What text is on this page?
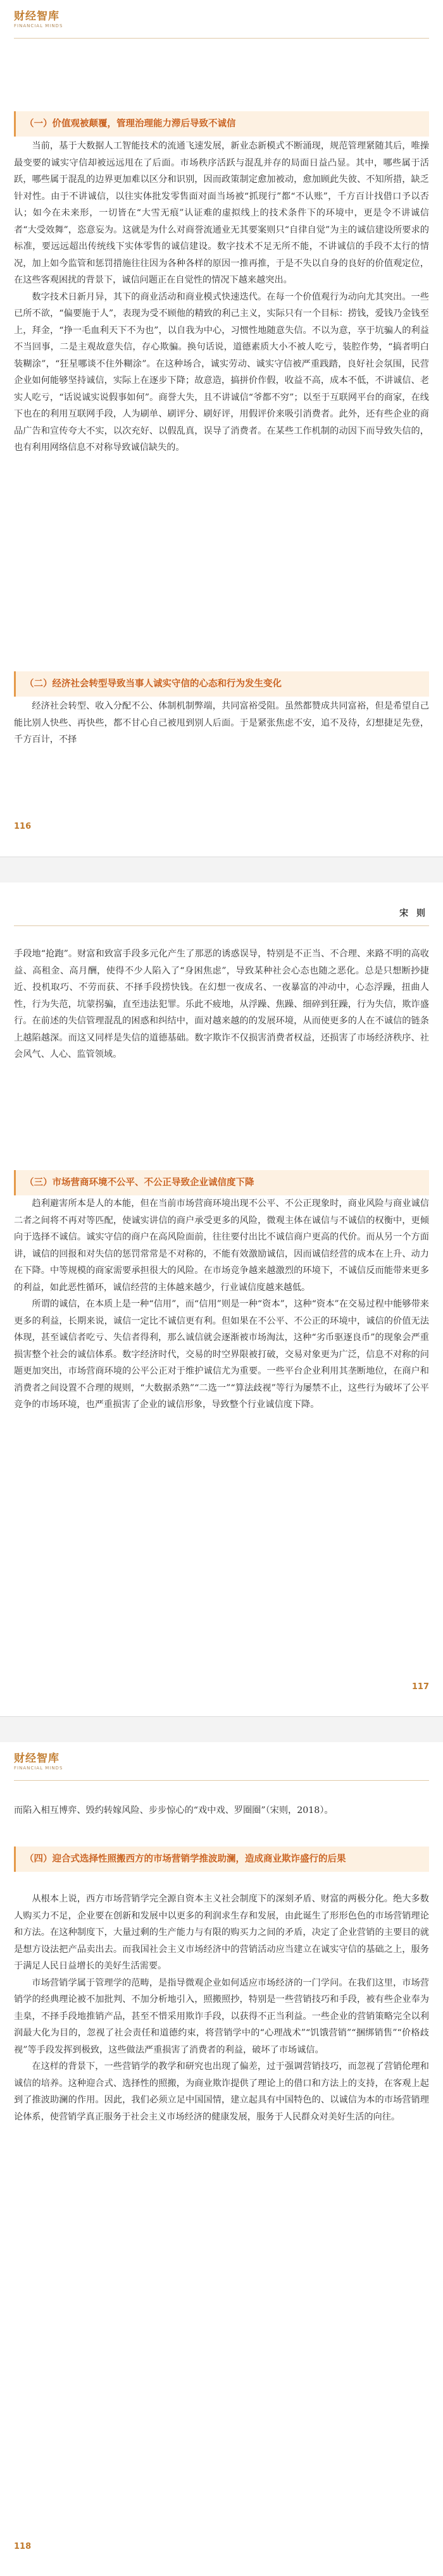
财经智库
FINANCIAL MINDS
（一）价值观被颠覆，管理治理能力滞后导致不诚信

当前，基于大数据人工智能技术的流通飞速发展，新业态新模式不断涌现，规范管理紧随其后，唯操最变要的诚实守信却被远远甩在了后面。市场秩序活跃与混乱并存的局面日益凸显。其中，哪些属于活跃，哪些属于混乱的边界更加难以区分和识别，因而政策制定愈加被动，愈加顾此失彼、不知所措，缺乏针对性。由于不讲诚信，以往实体批发零售面对面当场被“抓现行”都“不认账”，千方百计找借口予以否认；如今在未来形，一切皆在“大雪无痕”认证难的虚拟线上的技术条件下的环境中，更是令不讲诚信者“大受效舞”，恣意妄为。这就是为什么对商誉流通业无其要案则只“自律自觉”为主的诚信建设所要求的标准，要远远超出传统线下实体零售的诚信建设。数字技术不足无所不能，不讲诚信的手段不太行的情况，加上如今监管和惩罚措施往往因为各种各样的原因一推再推，于是不失以自身的良好的价值观定位，在这些客观困扰的背景下，诚信问题正在自觉性的情况下越来越突出。

数字技术日新月异，其下的商业活动和商业模式快速迭代。在每一个价值观行为动向尤其突出。一些已所不欲，“偏要施于人”，表现为受不顾他的精致的利己主义，实际只有一个目标：捞钱，爱钱乃金钱至上，拜金，“挣一毛血利天下不为也”，以自我为中心，习惯性地随意失信。不以为意，享于坑骗人的利益不当回事，二是主观故意失信，存心欺骗。换句话说，道德素质大小不被人吃亏，装腔作势，“搞者明白装糊涂”，“狂星哪谈不住外糊涂”。在这种场合，诚实劳动、诚实守信被严重践踏，良好社会氛围，民营企业如何能够坚持诚信，实际上在逐步下降；故意造，搞拼价作假，收益不高，成本不低，不讲诚信、老实人吃亏，“话说诚实说假事如何”。商誉大失，且不讲诚信“爷都不穷”；以至于互联网平台的商家，在线下也在的利用互联网手段，人为刷单、刷评分、刷好评，用假评价来吸引消费者。此外，还有些企业的商品广告和宣传夸大不实，以次充好、以假乱真，误导了消费者。在某些工作机制的动因下而导致失信的，也有利用网络信息不对称导致诚信缺失的。

（二）经济社会转型导致当事人诚实守信的心态和行为发生变化

经济社会转型、收入分配不公、体制机制弊端，共同富裕受阻。虽然都赞成共同富裕，但是希望自己能比别人快些、再快些，都不甘心自己被甩到别人后面。于是紧张焦虑不安，追不及待，幻想捷足先登，千方百计，不择

116
宋 则

手段地“抢跑”。财富和致富手段多元化产生了那恶的诱惑误导，特别是不正当、不合理、来路不明的高收益、高租金、高月酬，使得不少人陷入了“身困焦虑”，导致某种社会心态也随之恶化。总是只想断抄捷近、投机取巧、不劳而获、不择手段捞快钱。在幻想一夜成名、一夜暴富的冲动中，心态浮躁，扭曲人性，行为失范，坑蒙拐骗，直至违法犯罪。乐此不疲地，从浮躁、焦躁、细碎到狂躁，行为失信，欺诈盛行。在前述的失信管理混乱的困惑和纠结中，面对越来越的的发展环境，从而使更多的人在不诚信的链条上越陷越深。而这又同样是失信的道德基础。数字欺诈不仅损害消费者权益，还损害了市场经济秩序、社会风气、人心、监管领域。

（三）市场营商环境不公平、不公正导致企业诚信度下降

趋利避害所本是人的本能，但在当前市场营商环境出现不公平、不公正现象时，商业风险与商业诚信二者之间将不再对等匹配，使诚实讲信的商户承受更多的风险，微观主体在诚信与不诚信的权衡中，更倾向于选择不诚信。诚实守信的商户在高风险面前，往往要付出比不诚信商户更高的代价。而从另一个方面讲，诚信的回报和对失信的惩罚常常是不对称的，不能有效激励诚信，因而诚信经营的成本在上升、动力在下降。中等规模的商家需要承担很大的风险。在市场竞争越来越激烈的环境下，不诚信反而能带来更多的利益，如此恶性循环，诚信经营的主体越来越少，行业诚信度越来越低。

所谓的诚信，在本质上是一种“信用”，而“信用”则是一种“资本”，这种“资本”在交易过程中能够带来更多的利益，长期来说，诚信一定比不诚信更有利。但如果在不公平、不公正的环境中，诚信的价值无法体现，甚至诚信者吃亏、失信者得利，那么诚信就会逐渐被市场淘汰，这种“劣币驱逐良币”的现象会严重损害整个社会的诚信体系。数字经济时代，交易的时空界限被打破，交易对象更为广泛，信息不对称的问题更加突出，市场营商环境的公平公正对于维护诚信尤为重要。一些平台企业利用其垄断地位，在商户和消费者之间设置不合理的规则，“大数据杀熟”“二选一”“算法歧视”等行为屡禁不止，这些行为破坏了公平竞争的市场环境，也严重损害了企业的诚信形象，导致整个行业诚信度下降。

117
财经智库
FINANCIAL MINDS

而陷入相互博弈、毁约转嫁风险、步步惊心的“戏中戏、罗圈圈”（宋则，2018）。

（四）迎合式选择性照搬西方的市场营销学推波助澜，造成商业欺诈盛行的后果

从根本上说，西方市场营销学完全源自资本主义社会制度下的深刻矛盾、财富的两极分化。绝大多数人购买力不足，企业要在创新和发展中以更多的利润求生存和发展，由此诞生了形形色色的市场营销理论和方法。在这种制度下，大量过剩的生产能力与有限的购买力之间的矛盾，决定了企业营销的主要目的就是想方设法把产品卖出去。而我国社会主义市场经济中的营销活动应当建立在诚实守信的基础之上，服务于满足人民日益增长的美好生活需要。

市场营销学属于管理学的范畴，是指导微观企业如何适应市场经济的一门学问。在我们这里，市场营销学的经典理论被不加批判、不加分析地引入，照搬照抄，特别是一些营销技巧和手段，被有些企业奉为圭臬，不择手段地推销产品，甚至不惜采用欺诈手段，以获得不正当利益。一些企业的营销策略完全以利润最大化为目的，忽视了社会责任和道德约束，将营销学中的“心理战术”“饥饿营销”“捆绑销售”“价格歧视”等手段发挥到极致，这些做法严重损害了消费者的利益，破坏了市场诚信。

在这样的背景下，一些营销学的教学和研究也出现了偏差，过于强调营销技巧，而忽视了营销伦理和诚信的培养。这种迎合式、选择性的照搬，为商业欺诈提供了理论上的借口和方法上的支持，在客观上起到了推波助澜的作用。因此，我们必须立足中国国情，建立起具有中国特色的、以诚信为本的市场营销理论体系，使营销学真正服务于社会主义市场经济的健康发展，服务于人民群众对美好生活的向往。

118
